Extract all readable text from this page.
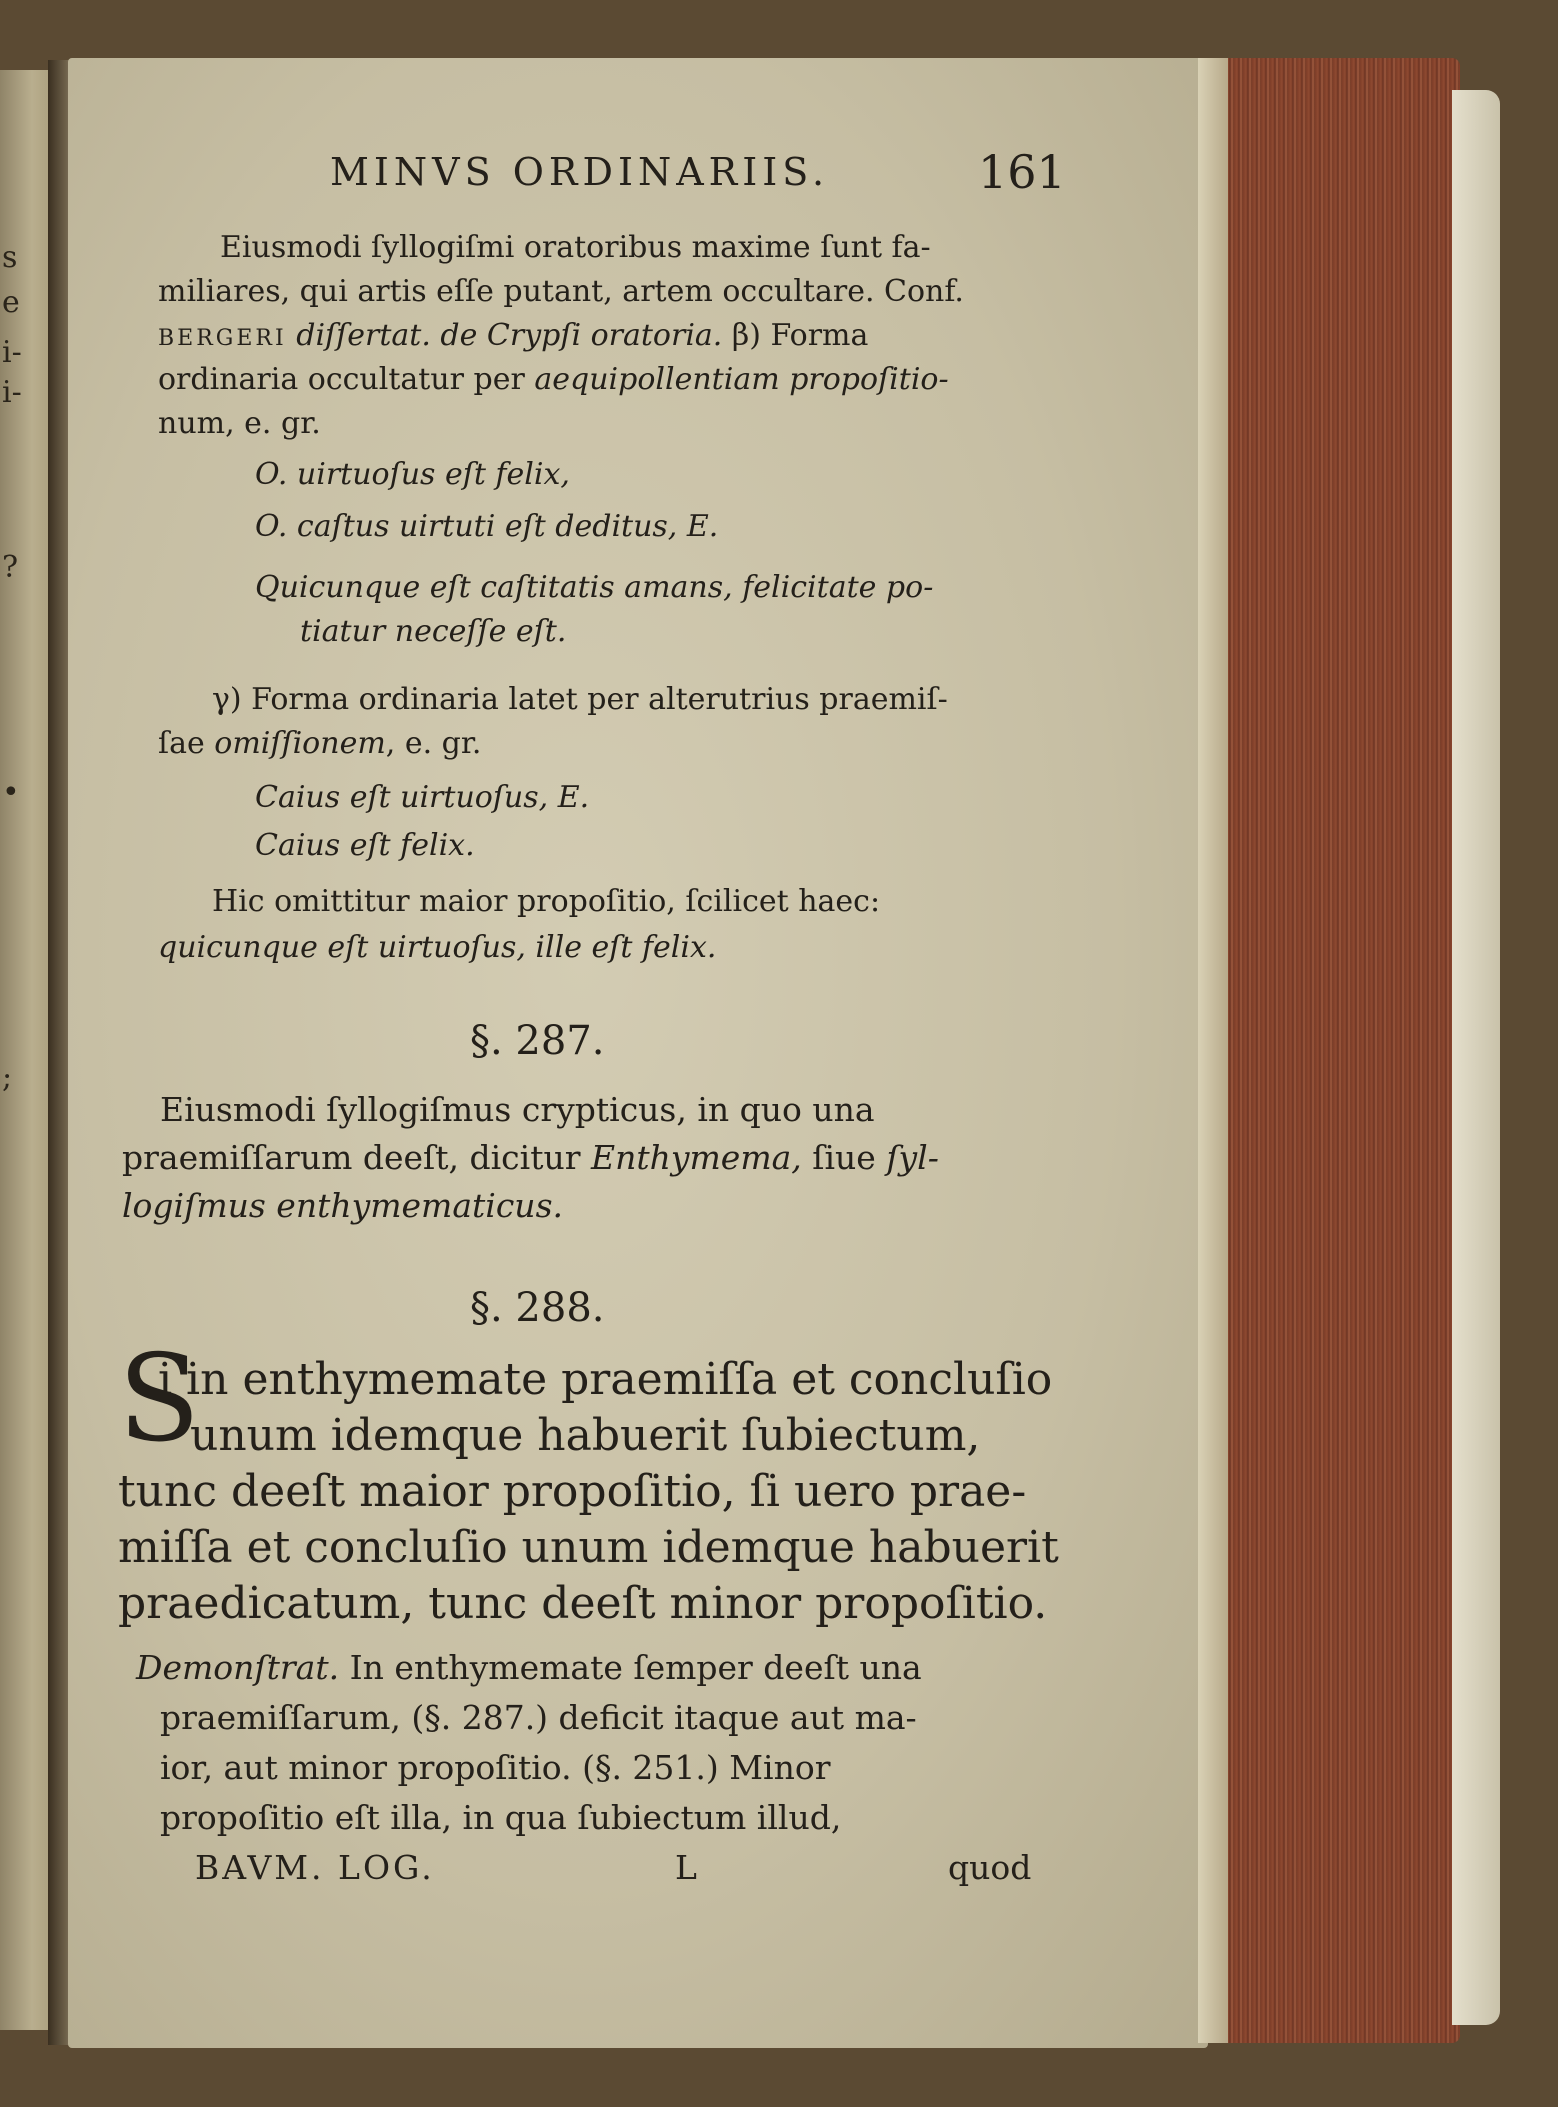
s
e
i-
i-
?
•
;

MINVS ORDINARIIS.	161

Eiusmodi ſyllogiſmi oratoribus maxime ſunt fa-

miliares, qui artis eſſe putant, artem occultare. Conf.

BERGERI diſſertat. de Crypſi oratoria. β) Forma

ordinaria occultatur per aequipollentiam propoſitio-

num, e. gr.

O. uirtuoſus eſt felix,

O. caſtus uirtuti eſt deditus, E.

Quicunque eſt caſtitatis amans, felicitate po-

tiatur neceſſe eſt.

γ) Forma ordinaria latet per alterutrius praemiſ-

ſae omiſſionem, e. gr.

Caius eſt uirtuoſus, E.

Caius eſt felix.

Hic omittitur maior propoſitio, ſcilicet haec:

quicunque eſt uirtuoſus, ille eſt felix.

§. 287.

Eiusmodi ſyllogiſmus crypticus, in quo una

praemiſſarum deeſt, dicitur Enthymema, ſiue ſyl-

logiſmus enthymematicus.

§. 288.

S

i in enthymemate praemiſſa et concluſio

unum idemque habuerit ſubiectum,

tunc deeſt maior propoſitio, ſi uero prae-

miſſa et concluſio unum idemque habuerit

praedicatum, tunc deeſt minor propoſitio.

Demonſtrat. In enthymemate ſemper deeſt una

praemiſſarum, (§. 287.) deficit itaque aut ma-

ior, aut minor propoſitio. (§. 251.) Minor

propoſitio eſt illa, in qua ſubiectum illud,

BAVM. LOG.	L	quod
